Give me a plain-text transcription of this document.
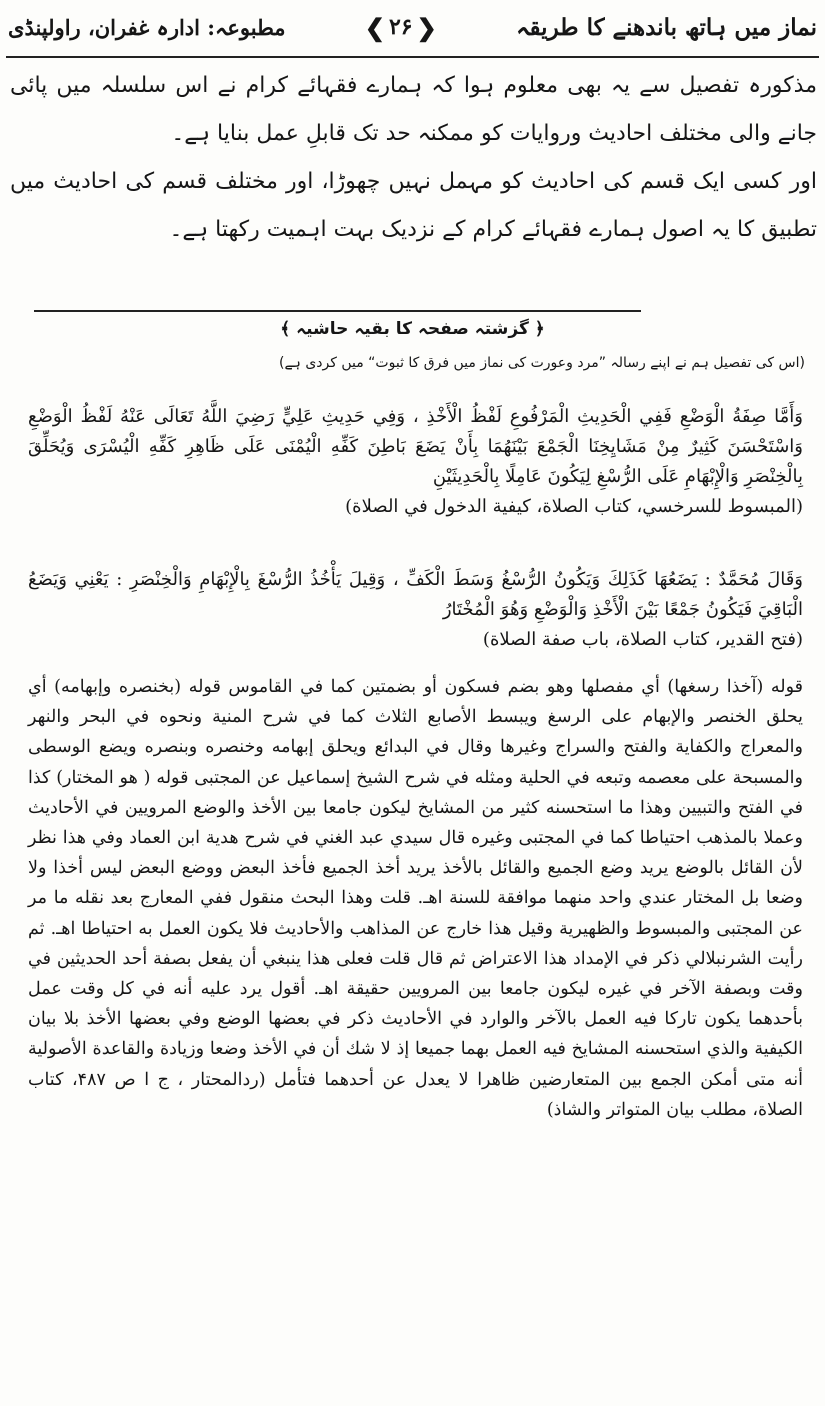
نماز میں ہاتھ باندھنے کا طریقہ
❮ ۲۶ ❯
مطبوعہ: ادارہ غفران، راولپنڈی

مذکورہ تفصیل سے یہ بھی معلوم ہوا کہ ہمارے فقہائے کرام نے اس سلسلہ میں پائی جانے والی مختلف احادیث وروایات کو ممکنہ حد تک قابلِ عمل بنایا ہے۔

اور کسی ایک قسم کی احادیث کو مہمل نہیں چھوڑا، اور مختلف قسم کی احادیث میں تطبیق کا یہ اصول ہمارے فقہائے کرام کے نزدیک بہت اہمیت رکھتا ہے۔

﴿ گزشتہ صفحہ کا بقیہ حاشیہ ﴾
(اس کی تفصیل ہم نے اپنے رسالہ ”مرد وعورت کی نماز میں فرق کا ثبوت“ میں کردی ہے)

وَأَمَّا صِفَةُ الْوَضْعِ فَفِي الْحَدِيثِ الْمَرْفُوعِ لَفْظُ الْأَخْذِ ، وَفِي حَدِيثِ عَلِيٍّ رَضِيَ اللَّهُ تَعَالَى عَنْهُ لَفْظُ الْوَضْعِ وَاسْتَحْسَنَ كَثِيرٌ مِنْ مَشَايِخِنَا الْجَمْعَ بَيْنَهُمَا بِأَنْ يَضَعَ بَاطِنَ كَفِّهِ الْيُمْنَى عَلَى ظَاهِرِ كَفِّهِ الْيُسْرَى وَيُحَلِّقَ بِالْخِنْصَرِ وَالْإِبْهَامِ عَلَى الرُّسْغِ لِيَكُونَ عَامِلًا بِالْحَدِيثَيْنِ

(المبسوط للسرخسي، كتاب الصلاة، كيفية الدخول في الصلاة)

وَقَالَ مُحَمَّدٌ : يَضَعُهَا كَذَلِكَ وَيَكُونُ الرُّسْغُ وَسَطَ الْكَفِّ ، وَقِيلَ يَأْخُذُ الرُّسْغَ بِالْإِبْهَامِ وَالْخِنْصَرِ : يَعْنِي وَيَضَعُ الْبَاقِيَ فَيَكُونُ جَمْعًا بَيْنَ الْأَخْذِ وَالْوَضْعِ وَهُوَ الْمُخْتَارُ

(فتح القدير، كتاب الصلاة، باب صفة الصلاة)

قوله (آخذا رسغها) أي مفصلها وهو بضم فسكون أو بضمتين كما في القاموس قوله (بخنصره وإبهامه) أي يحلق الخنصر والإبهام على الرسغ ويبسط الأصابع الثلاث كما في شرح المنية ونحوه في البحر والنهر والمعراج والكفاية والفتح والسراج وغيرها وقال في البدائع ويحلق إبهامه وخنصره وبنصره ويضع الوسطى والمسبحة على معصمه وتبعه في الحلية ومثله في شرح الشيخ إسماعيل عن المجتبى قوله ( هو المختار) كذا في الفتح والتبيين وهذا ما استحسنه كثير من المشايخ ليكون جامعا بين الأخذ والوضع المرويين في الأحاديث وعملا بالمذهب احتياطا كما في المجتبى وغيره قال سيدي عبد الغني في شرح هدية ابن العماد وفي هذا نظر لأن القائل بالوضع يريد وضع الجميع والقائل بالأخذ يريد أخذ الجميع فأخذ البعض ووضع البعض ليس أخذا ولا وضعا بل المختار عندي واحد منهما موافقة للسنة اهـ. قلت وهذا البحث منقول ففي المعارج بعد نقله ما مر عن المجتبى والمبسوط والظهيرية وقيل هذا خارج عن المذاهب والأحاديث فلا يكون العمل به احتياطا اهـ. ثم رأيت الشرنبلالي ذكر في الإمداد هذا الاعتراض ثم قال قلت فعلى هذا ينبغي أن يفعل بصفة أحد الحديثين في وقت وبصفة الآخر في غيره ليكون جامعا بين المرويين حقيقة اهـ. أقول يرد عليه أنه في كل وقت عمل بأحدهما يكون تاركا فيه العمل بالآخر والوارد في الأحاديث ذكر في بعضها الوضع وفي بعضها الأخذ بلا بيان الكيفية والذي استحسنه المشايخ فيه العمل بهما جميعا إذ لا شك أن في الأخذ وضعا وزيادة والقاعدة الأصولية أنه متى أمكن الجمع بين المتعارضين ظاهرا لا يعدل عن أحدهما فتأمل (ردالمحتار ، ج ا ص ۴۸۷، كتاب الصلاة، مطلب بيان المتواتر والشاذ)
